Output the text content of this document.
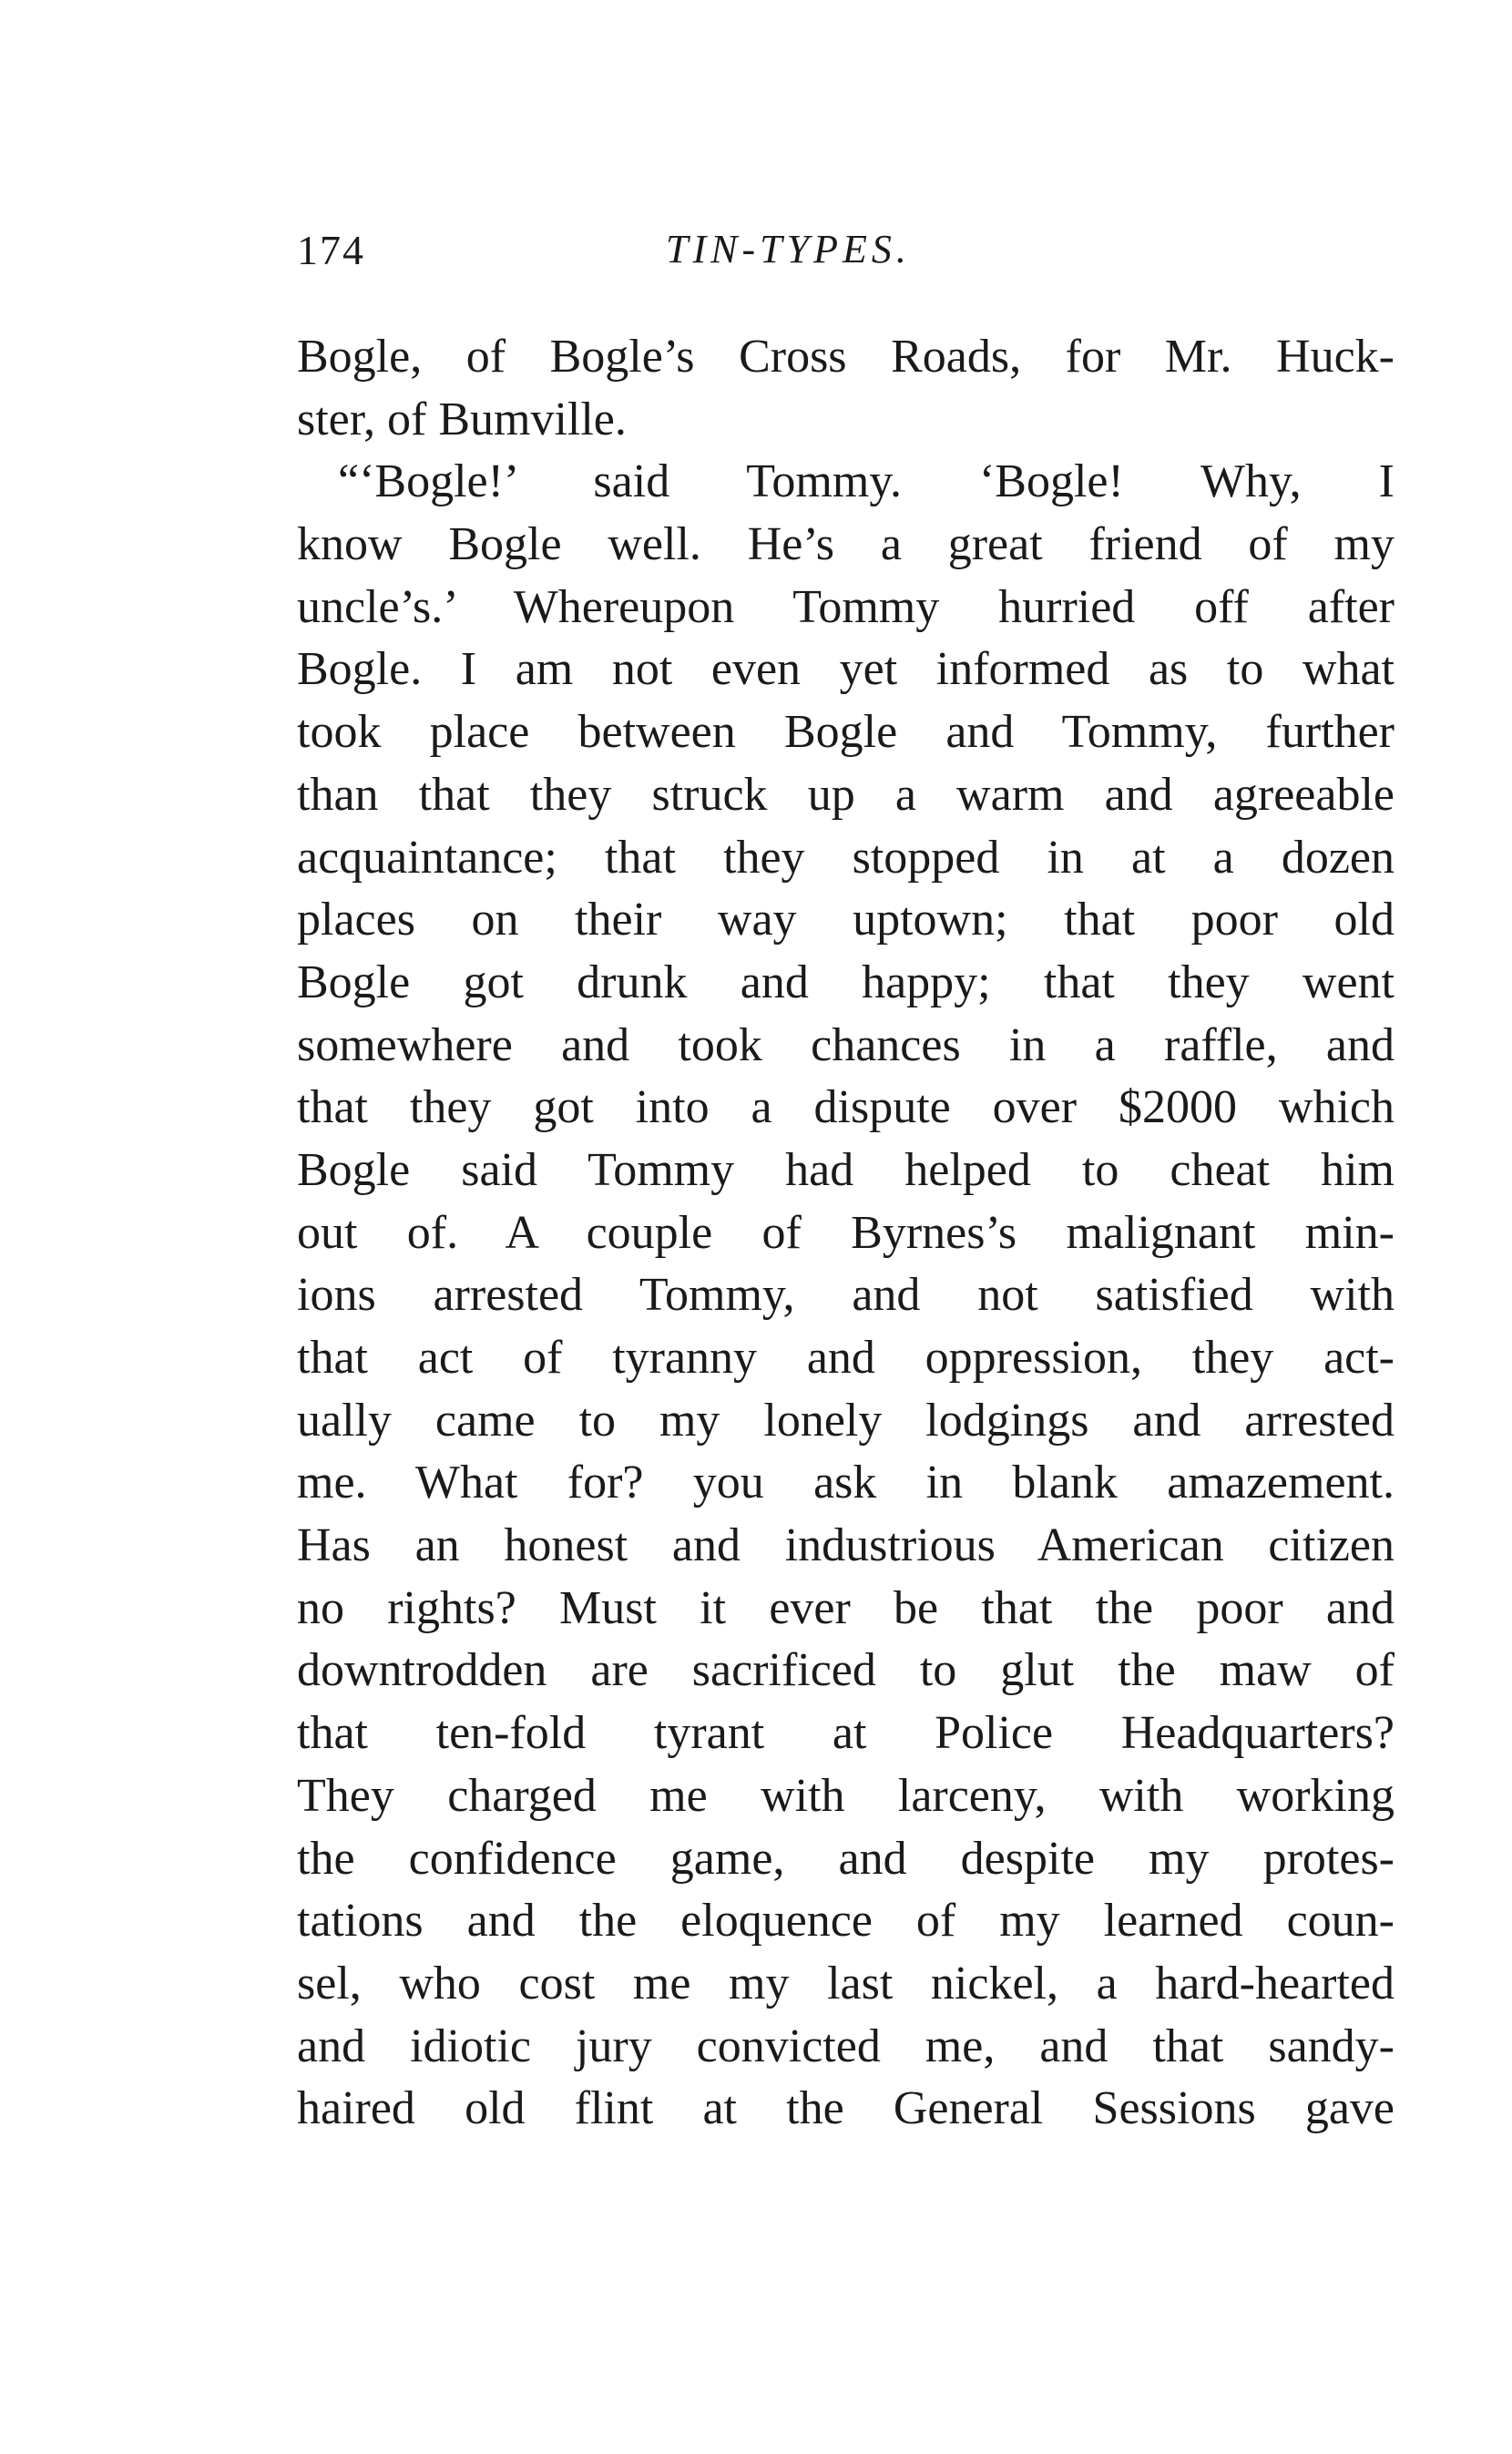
174	TIN-TYPES.
Bogle, of Bogle’s Cross Roads, for Mr. Huck-
ster, of Bumville.
“‘Bogle!’ said Tommy. ‘Bogle! Why, I
know Bogle well. He’s a great friend of my
uncle’s.’ Whereupon Tommy hurried off after
Bogle. I am not even yet informed as to what
took place between Bogle and Tommy, further
than that they struck up a warm and agreeable
acquaintance; that they stopped in at a dozen
places on their way uptown; that poor old
Bogle got drunk and happy; that they went
somewhere and took chances in a raffle, and
that they got into a dispute over $2000 which
Bogle said Tommy had helped to cheat him
out of. A couple of Byrnes’s malignant min-
ions arrested Tommy, and not satisfied with
that act of tyranny and oppression, they act-
ually came to my lonely lodgings and arrested
me. What for? you ask in blank amazement.
Has an honest and industrious American citizen
no rights? Must it ever be that the poor and
downtrodden are sacrificed to glut the maw of
that ten-fold tyrant at Police Headquarters?
They charged me with larceny, with working
the confidence game, and despite my protes-
tations and the eloquence of my learned coun-
sel, who cost me my last nickel, a hard-hearted
and idiotic jury convicted me, and that sandy-
haired old flint at the General Sessions gave
